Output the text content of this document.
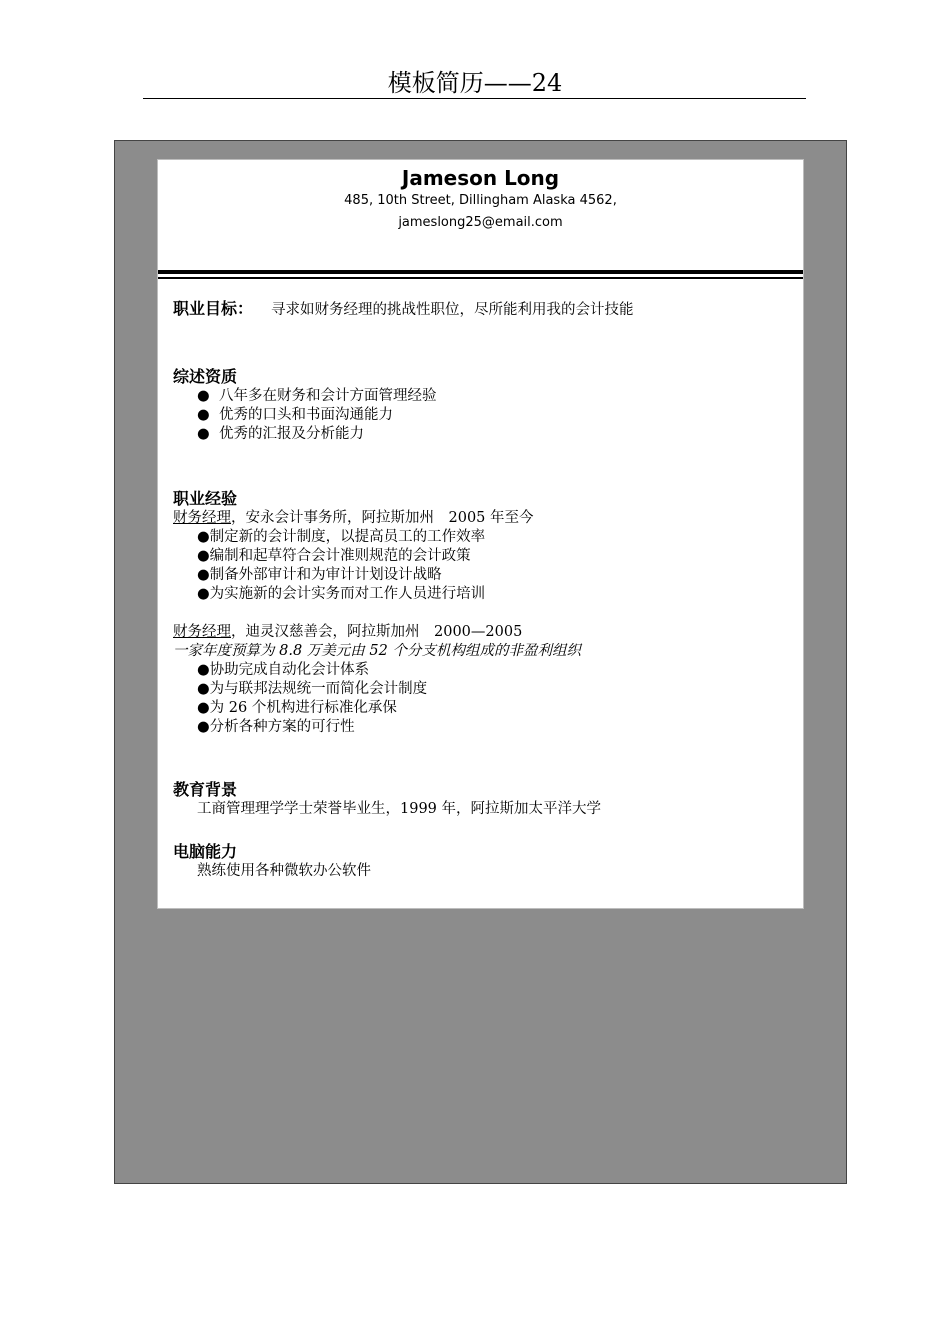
模板简历——24
Jameson Long
485, 10th Street, Dillingham Alaska 4562,
jameslong25@email.com
职业目标： 寻求如财务经理的挑战性职位，尽所能利用我的会计技能
综述资质
● 八年多在财务和会计方面管理经验
● 优秀的口头和书面沟通能力
● 优秀的汇报及分析能力
职业经验
财务经理，安永会计事务所，阿拉斯加州　2005 年至今
●制定新的会计制度，以提高员工的工作效率
●编制和起草符合会计准则规范的会计政策
●制备外部审计和为审计计划设计战略
●为实施新的会计实务而对工作人员进行培训
财务经理，迪灵汉慈善会，阿拉斯加州　2000—2005
一家年度预算为 8.8 万美元由 52 个分支机构组成的非盈利组织
●协助完成自动化会计体系
●为与联邦法规统一而简化会计制度
●为 26 个机构进行标准化承保
●分析各种方案的可行性
教育背景
工商管理理学学士荣誉毕业生，1999 年，阿拉斯加太平洋大学
电脑能力
熟练使用各种微软办公软件
